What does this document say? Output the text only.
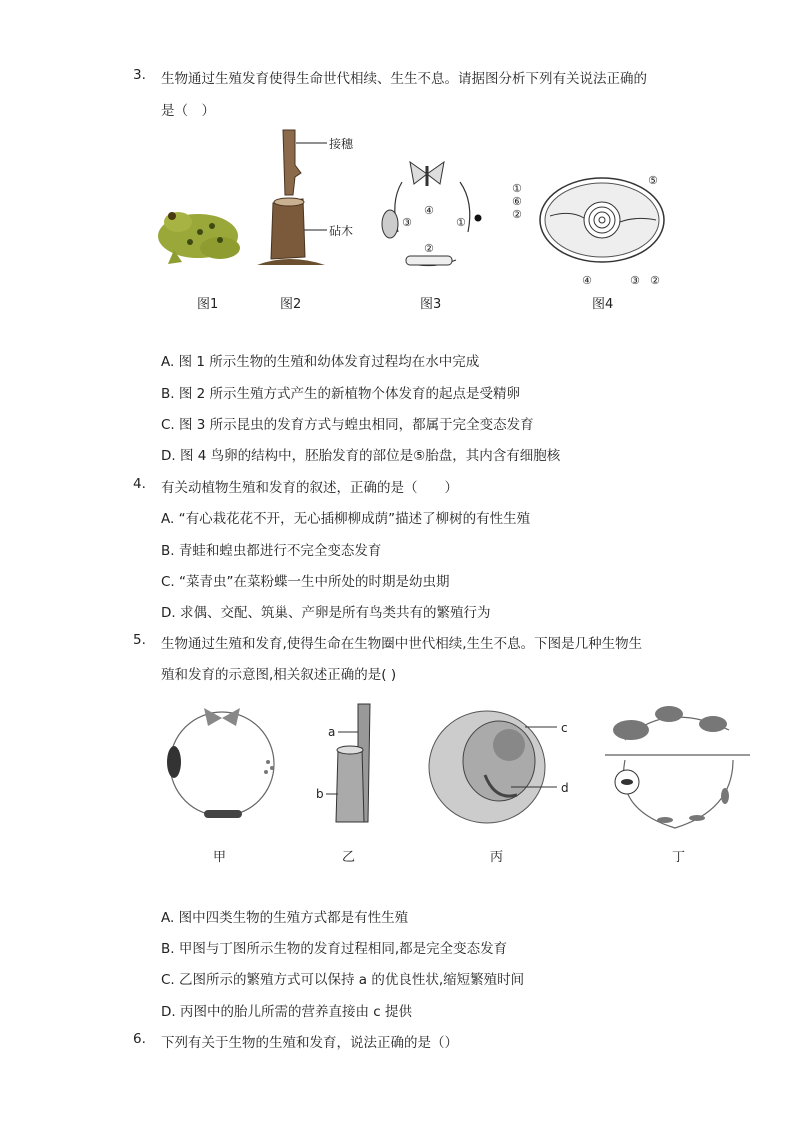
3. 生物通过生殖发育使得生命世代相续、生生不息。请据图分析下列有关说法正确的
是（　）
接穗
砧木
④
①
②
③
①
⑥
②
⑤
④	③ ②
图1	图2	图3	图4
A. 图 1 所示生物的生殖和幼体发育过程均在水中完成
B. 图 2 所示生殖方式产生的新植物个体发育的起点是受精卵
C. 图 3 所示昆虫的发育方式与蝗虫相同，都属于完全变态发育
D. 图 4 鸟卵的结构中，胚胎发育的部位是⑤胎盘，其内含有细胞核
4. 有关动植物生殖和发育的叙述，正确的是（　　）
A. “有心栽花花不开，无心插柳柳成荫”描述了柳树的有性生殖
B. 青蛙和蝗虫都进行不完全变态发育
C. “菜青虫”在菜粉蝶一生中所处的时期是幼虫期
D. 求偶、交配、筑巢、产卵是所有鸟类共有的繁殖行为
5. 生物通过生殖和发育,使得生命在生物圈中世代相续,生生不息。下图是几种生物生
殖和发育的示意图,相关叙述正确的是( )
a
b
c
d
甲	乙	丙	丁
A. 图中四类生物的生殖方式都是有性生殖
B. 甲图与丁图所示生物的发育过程相同,都是完全变态发育
C. 乙图所示的繁殖方式可以保持 a 的优良性状,缩短繁殖时间
D. 丙图中的胎儿所需的营养直接由 c 提供
6. 下列有关于生物的生殖和发育，说法正确的是（）
